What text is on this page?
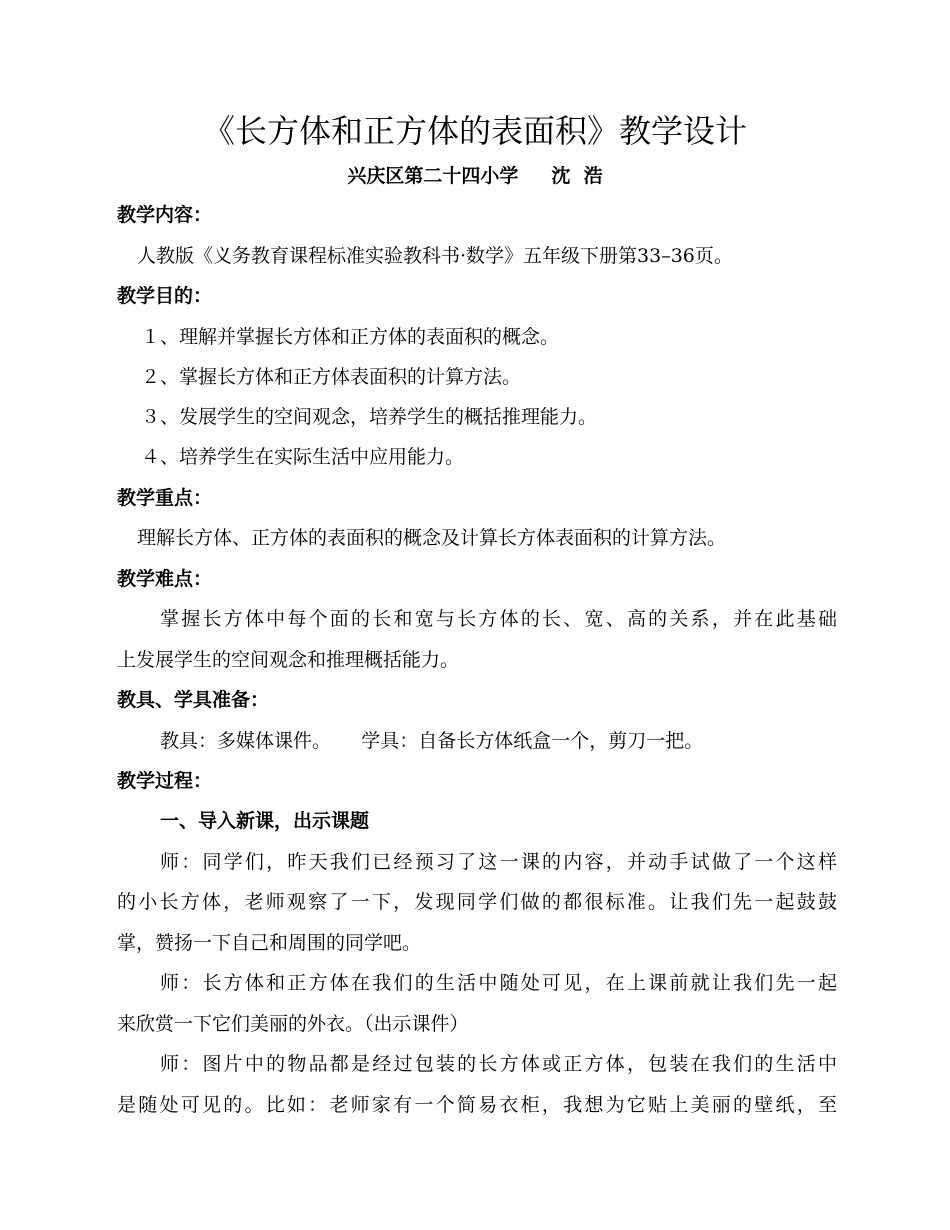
《长方体和正方体的表面积》教学设计
兴庆区第二十四小学     沈  浩
教学内容：
人教版《义务教育课程标准实验教科书·数学》五年级下册第33–36页。
教学目的：
１、理解并掌握长方体和正方体的表面积的概念。
２、掌握长方体和正方体表面积的计算方法。
３、发展学生的空间观念，培养学生的概括推理能力。
４、培养学生在实际生活中应用能力。
教学重点：
理解长方体、正方体的表面积的概念及计算长方体表面积的计算方法。
教学难点：
掌握长方体中每个面的长和宽与长方体的长、宽、高的关系，并在此基础
上发展学生的空间观念和推理概括能力。
教具、学具准备：
教具：多媒体课件。     学具：自备长方体纸盒一个，剪刀一把。
教学过程：
一、导入新课，出示课题
师：同学们，昨天我们已经预习了这一课的内容，并动手试做了一个这样
的小长方体，老师观察了一下，发现同学们做的都很标准。让我们先一起鼓鼓
掌，赞扬一下自己和周围的同学吧。
师：长方体和正方体在我们的生活中随处可见，在上课前就让我们先一起
来欣赏一下它们美丽的外衣。（出示课件）
师：图片中的物品都是经过包装的长方体或正方体，包装在我们的生活中
是随处可见的。比如：老师家有一个简易衣柜，我想为它贴上美丽的壁纸，至
